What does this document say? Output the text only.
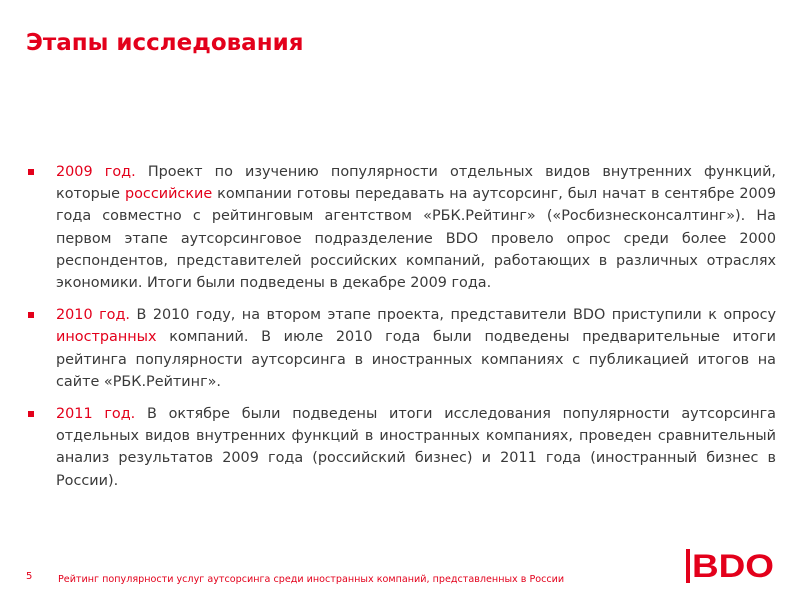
Этапы исследования
2009 год. Проект по изучению популярности отдельных видов внутренних функций, которые российские компании готовы передавать на аутсорсинг, был начат в сентябре 2009 года совместно с рейтинговым агентством «РБК.Рейтинг» («Росбизнесконсалтинг»). На первом этапе аутсорсинговое подразделение BDO провело опрос среди более 2000 респондентов, представителей российских компаний, работающих в различных отраслях экономики. Итоги были подведены в декабре 2009 года.
2010 год. В 2010 году, на втором этапе проекта, представители BDO приступили к опросу иностранных компаний. В июле 2010 года были подведены предварительные итоги рейтинга популярности аутсорсинга в иностранных компаниях с публикацией итогов на сайте «РБК.Рейтинг».
2011 год. В октябре были подведены итоги исследования популярности аутсорсинга отдельных видов внутренних функций в иностранных компаниях, проведен сравнительный анализ результатов 2009 года (российский бизнес) и 2011 года (иностранный бизнес в России).
5	Рейтинг популярности услуг аутсорсинга среди иностранных компаний, представленных в России	BDO
